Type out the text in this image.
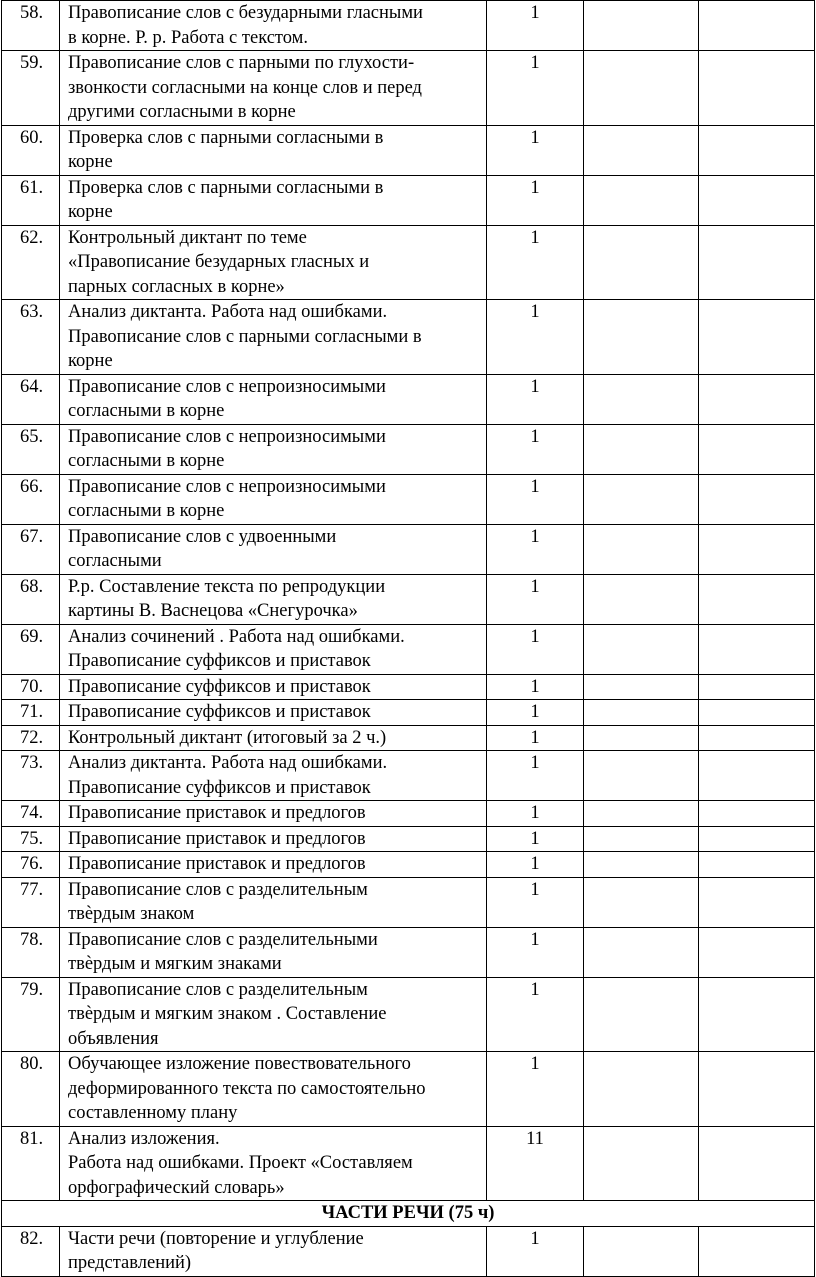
58.	Правописание слов с безударными гласными
в корне. Р. р. Работа с текстом.	1		
59.	Правописание слов с парными по глухости-
звонкости согласными на конце слов и перед
другими согласными в корне	1		
60.	Проверка слов с парными согласными в
корне	1		
61.	Проверка слов с парными согласными в
корне	1		
62.	Контрольный диктант по теме
«Правописание безударных гласных и
парных согласных в корне»	1		
63.	Анализ диктанта. Работа над ошибками.
Правописание слов с парными согласными в
корне	1		
64.	Правописание слов с непроизносимыми
согласными в корне	1		
65.	Правописание слов с непроизносимыми
согласными в корне	1		
66.	Правописание слов с непроизносимыми
согласными в корне	1		
67.	Правописание слов с удвоенными
согласными	1		
68.	Р.р. Составление текста по репродукции
картины В. Васнецова «Снегурочка»	1		
69.	Анализ сочинений . Работа над ошибками.
Правописание суффиксов и приставок	1		
70.	Правописание суффиксов и приставок	1		
71.	Правописание суффиксов и приставок	1		
72.	Контрольный диктант (итоговый за 2 ч.)	1		
73.	Анализ диктанта. Работа над ошибками.
Правописание суффиксов и приставок	1		
74.	Правописание приставок и предлогов	1		
75.	Правописание приставок и предлогов	1		
76.	Правописание приставок и предлогов	1		
77.	Правописание слов с разделительным
твѐрдым знаком	1		
78.	Правописание слов с разделительными
твѐрдым и мягким знаками	1		
79.	Правописание слов с разделительным
твѐрдым и мягким знаком . Составление
объявления	1		
80.	Обучающее изложение повествовательного
деформированного текста по самостоятельно
составленному плану	1		
81.	Анализ изложения.
Работа над ошибками. Проект «Составляем
орфографический словарь»	11		
ЧАСТИ РЕЧИ (75 ч)				
82.	Части речи (повторение и углубление
представлений)	1		
